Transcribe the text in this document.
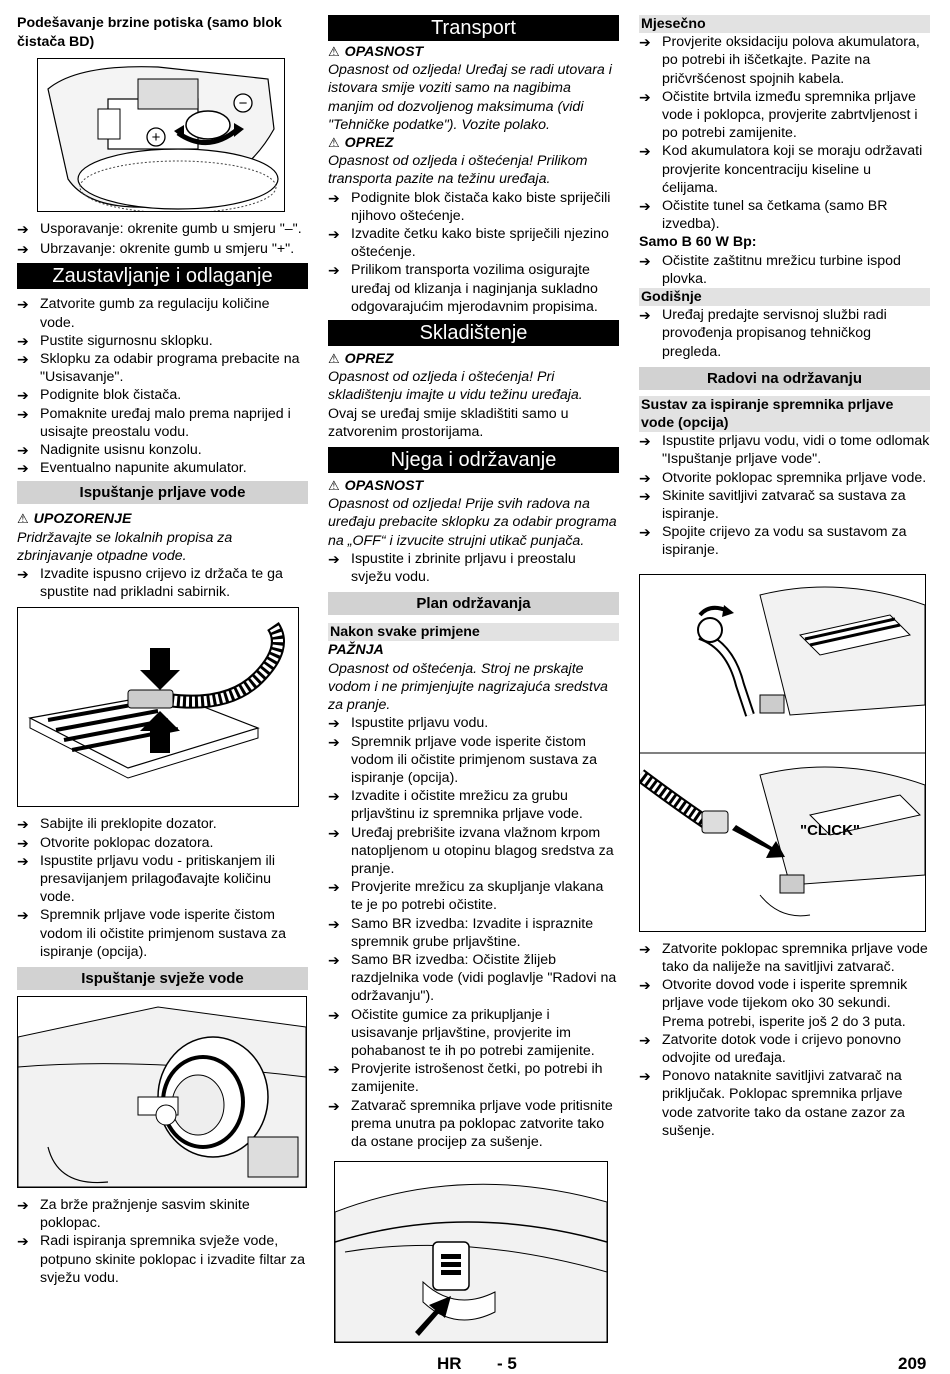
Podešavanje brzine potiska (samo blok čistača BD)

+
−
➔ Usporavanje: okrenite gumb u smjeru "–".
➔ Ubrzavanje: okrenite gumb u smjeru "+".
Zaustavljanje i odlaganje
➔ Zatvorite gumb za regulaciju količine vode.
➔ Pustite sigurnosnu sklopku.
➔ Sklopku za odabir programa prebacite na "Usisavanje".
➔ Podignite blok čistača.
➔ Pomaknite uređaj malo prema naprijed i usisajte preostalu vodu.
➔ Nadignite usisnu konzolu.
➔ Eventualno napunite akumulator.
Ispuštanje prljave vode

⚠ UPOZORENJE

Pridržavajte se lokalnih propisa za zbrinjavanje otpadne vode.

➔ Izvadite ispusno crijevo iz držača te ga spustite nad prikladni sabirnik.
➔ Sabijte ili preklopite dozator.
➔ Otvorite poklopac dozatora.
➔ Ispustite prljavu vodu - pritiskanjem ili presavijanjem prilagođavajte količinu vode.
➔ Spremnik prljave vode isperite čistom vodom ili očistite primjenom sustava za ispiranje (opcija).
Ispuštanje svježe vode
➔ Za brže pražnjenje sasvim skinite poklopac.
➔ Radi ispiranja spremnika svježe vode, potpuno skinite poklopac i izvadite filtar za svježu vodu.
Transport

⚠ OPASNOST

Opasnost od ozljeda! Uređaj se radi utovara i istovara smije voziti samo na nagibima manjim od dozvoljenog maksimuma (vidi "Tehničke podatke"). Vozite polako.

⚠ OPREZ

Opasnost od ozljeda i oštećenja! Prilikom transporta pazite na težinu uređaja.

➔ Podignite blok čistača kako biste spriječili njihovo oštećenje.
➔ Izvadite četku kako biste spriječili njezino oštećenje.
➔ Prilikom transporta vozilima osigurajte uređaj od klizanja i naginjanja sukladno odgovarajućim mjerodavnim propisima.
Skladištenje

⚠ OPREZ

Opasnost od ozljeda i oštećenja! Pri skladištenju imajte u vidu težinu uređaja.

Ovaj se uređaj smije skladištiti samo u zatvorenim prostorijama.

Njega i održavanje

⚠ OPASNOST

Opasnost od ozljeda! Prije svih radova na uređaju prebacite sklopku za odabir programa na „OFF“ i izvucite strujni utikač punjača.

➔ Ispustite i zbrinite prljavu i preostalu svježu vodu.
Plan održavanja

Nakon svake primjene

PAŽNJA

Opasnost od oštećenja. Stroj ne prskajte vodom i ne primjenjujte nagrizajuća sredstva za pranje.

➔ Ispustite prljavu vodu.
➔ Spremnik prljave vode isperite čistom vodom ili očistite primjenom sustava za ispiranje (opcija).
➔ Izvadite i očistite mrežicu za grubu prljavštinu iz spremnika prljave vode.
➔ Uređaj prebrišite izvana vlažnom krpom natopljenom u otopinu blagog sredstva za pranje.
➔ Provjerite mrežicu za skupljanje vlakana te je po potrebi očistite.
➔ Samo BR izvedba: Izvadite i ispraznite spremnik grube prljavštine.
➔ Samo BR izvedba: Očistite žlijeb razdjelnika vode (vidi poglavlje "Radovi na održavanju").
➔ Očistite gumice za prikupljanje i usisavanje prljavštine, provjerite im pohabanost te ih po potrebi zamijenite.
➔ Provjerite istrošenost četki, po potrebi ih zamijenite.
➔ Zatvarač spremnika prljave vode pritisnite prema unutra pa poklopac zatvorite tako da ostane procijep za sušenje.

Mjesečno

➔ Provjerite oksidaciju polova akumulatora, po potrebi ih iščetkajte. Pazite na pričvršćenost spojnih kabela.
➔ Očistite brtvila između spremnika prljave vode i poklopca, provjerite zabrtvljenost i po potrebi zamijenite.
➔ Kod akumulatora koji se moraju održavati provjerite koncentraciju kiseline u ćelijama.
➔ Očistite tunel sa četkama (samo BR izvedba).

Samo B 60 W Bp:

➔ Očistite zaštitnu mrežicu turbine ispod plovka.

Godišnje

➔ Uređaj predajte servisnoj službi radi provođenja propisanog tehničkog pregleda.
Radovi na održavanju

Sustav za ispiranje spremnika prljave vode (opcija)

➔ Ispustite prljavu vodu, vidi o tome odlomak "Ispuštanje prljave vode".
➔ Otvorite poklopac spremnika prljave vode.
➔ Skinite savitljivi zatvarač sa sustava za ispiranje.
➔ Spojite crijevo za vodu sa sustavom za ispiranje.
"CLICK"
➔ Zatvorite poklopac spremnika prljave vode tako da naliježe na savitljivi zatvarač.
➔ Otvorite dovod vode i isperite spremnik prljave vode tijekom oko 30 sekundi. Prema potrebi, isperite još 2 do 3 puta.
➔ Zatvorite dotok vode i crijevo ponovno odvojite od uređaja.
➔ Ponovo nataknite savitljivi zatvarač na priključak. Poklopac spremnika prljave vode zatvorite tako da ostane zazor za sušenje.
HR - 5	209
